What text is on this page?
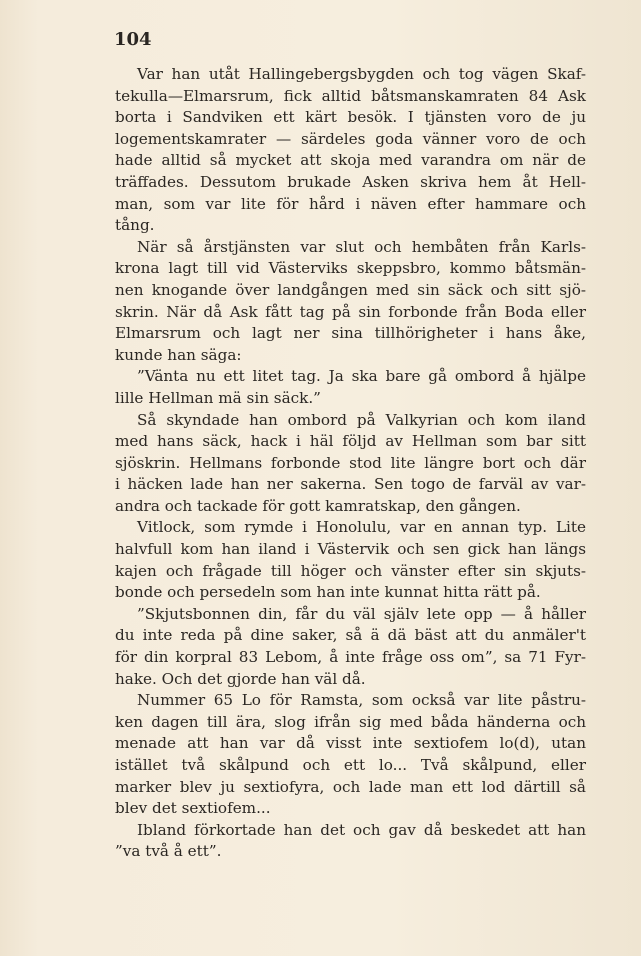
104
Var han utåt Hallingebergsbygden och tog vägen Skaf-
tekulla—Elmarsrum, fick alltid båtsmanskamraten 84 Ask
borta i Sandviken ett kärt besök. I tjänsten voro de ju
logementskamrater — särdeles goda vänner voro de och
hade alltid så mycket att skoja med varandra om när de
träffades. Dessutom brukade Asken skriva hem åt Hell-
man, som var lite för hård i näven efter hammare och
tång.
När så årstjänsten var slut och hembåten från Karls-
krona lagt till vid Västerviks skeppsbro, kommo båtsmän-
nen knogande över landgången med sin säck och sitt sjö-
skrin. När då Ask fått tag på sin forbonde från Boda eller
Elmarsrum och lagt ner sina tillhörigheter i hans åke,
kunde han säga:
”Vänta nu ett litet tag. Ja ska bare gå ombord å hjälpe
lille Hellman mä sin säck.”
Så skyndade han ombord på Valkyrian och kom iland
med hans säck, hack i häl följd av Hellman som bar sitt
sjöskrin. Hellmans forbonde stod lite längre bort och där
i häcken lade han ner sakerna. Sen togo de farväl av var-
andra och tackade för gott kamratskap, den gången.
Vitlock, som rymde i Honolulu, var en annan typ. Lite
halvfull kom han iland i Västervik och sen gick han längs
kajen och frågade till höger och vänster efter sin skjuts-
bonde och persedeln som han inte kunnat hitta rätt på.
”Skjutsbonnen din, får du väl själv lete opp — å håller
du inte reda på dine saker, så ä dä bäst att du anmäler't
för din korpral 83 Lebom, å inte fråge oss om”, sa 71 Fyr-
hake. Och det gjorde han väl då.
Nummer 65 Lo för Ramsta, som också var lite påstru-
ken dagen till ära, slog ifrån sig med båda händerna och
menade att han var då visst inte sextiofem lo(d), utan
istället två skålpund och ett lo... Två skålpund, eller
marker blev ju sextiofyra, och lade man ett lod därtill så
blev det sextiofem...
Ibland förkortade han det och gav då beskedet att han
”va två å ett”.
